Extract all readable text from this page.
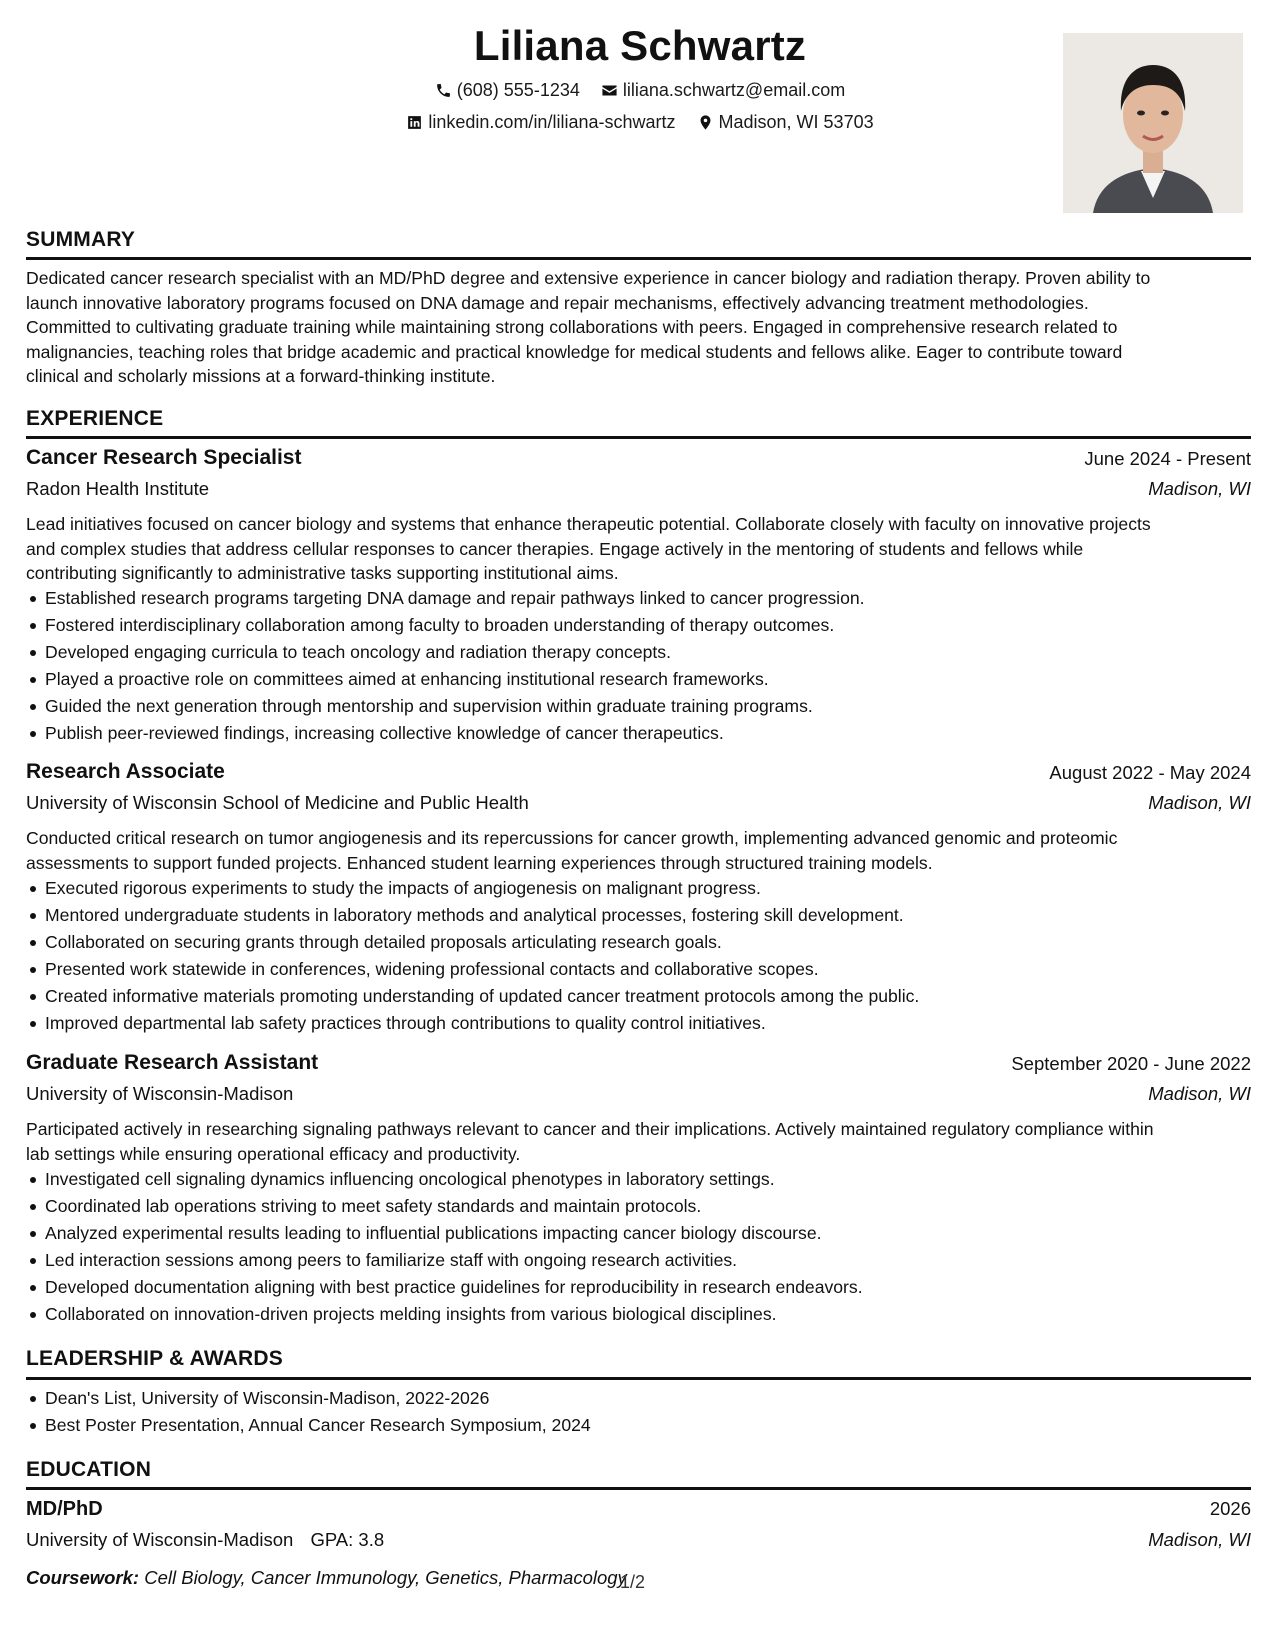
Liliana Schwartz
(608) 555-1234
liliana.schwartz@email.com
linkedin.com/in/liliana-schwartz
Madison, WI 53703
SUMMARY
Dedicated cancer research specialist with an MD/PhD degree and extensive experience in cancer biology and radiation therapy. Proven ability to
launch innovative laboratory programs focused on DNA damage and repair mechanisms, effectively advancing treatment methodologies.
Committed to cultivating graduate training while maintaining strong collaborations with peers. Engaged in comprehensive research related to
malignancies, teaching roles that bridge academic and practical knowledge for medical students and fellows alike. Eager to contribute toward
clinical and scholarly missions at a forward-thinking institute.
EXPERIENCE
Cancer Research Specialist	June 2024 - Present
Radon Health Institute	Madison, WI
Lead initiatives focused on cancer biology and systems that enhance therapeutic potential. Collaborate closely with faculty on innovative projects
and complex studies that address cellular responses to cancer therapies. Engage actively in the mentoring of students and fellows while
contributing significantly to administrative tasks supporting institutional aims.
Established research programs targeting DNA damage and repair pathways linked to cancer progression.
Fostered interdisciplinary collaboration among faculty to broaden understanding of therapy outcomes.
Developed engaging curricula to teach oncology and radiation therapy concepts.
Played a proactive role on committees aimed at enhancing institutional research frameworks.
Guided the next generation through mentorship and supervision within graduate training programs.
Publish peer-reviewed findings, increasing collective knowledge of cancer therapeutics.
Research Associate	August 2022 - May 2024
University of Wisconsin School of Medicine and Public Health	Madison, WI
Conducted critical research on tumor angiogenesis and its repercussions for cancer growth, implementing advanced genomic and proteomic
assessments to support funded projects. Enhanced student learning experiences through structured training models.
Executed rigorous experiments to study the impacts of angiogenesis on malignant progress.
Mentored undergraduate students in laboratory methods and analytical processes, fostering skill development.
Collaborated on securing grants through detailed proposals articulating research goals.
Presented work statewide in conferences, widening professional contacts and collaborative scopes.
Created informative materials promoting understanding of updated cancer treatment protocols among the public.
Improved departmental lab safety practices through contributions to quality control initiatives.
Graduate Research Assistant	September 2020 - June 2022
University of Wisconsin-Madison	Madison, WI
Participated actively in researching signaling pathways relevant to cancer and their implications. Actively maintained regulatory compliance within
lab settings while ensuring operational efficacy and productivity.
Investigated cell signaling dynamics influencing oncological phenotypes in laboratory settings.
Coordinated lab operations striving to meet safety standards and maintain protocols.
Analyzed experimental results leading to influential publications impacting cancer biology discourse.
Led interaction sessions among peers to familiarize staff with ongoing research activities.
Developed documentation aligning with best practice guidelines for reproducibility in research endeavors.
Collaborated on innovation-driven projects melding insights from various biological disciplines.
LEADERSHIP & AWARDS
Dean's List, University of Wisconsin-Madison, 2022-2026
Best Poster Presentation, Annual Cancer Research Symposium, 2024
EDUCATION
MD/PhD	2026
University of Wisconsin-Madison GPA: 3.8	Madison, WI
Coursework: Cell Biology, Cancer Immunology, Genetics, Pharmacology
1/2
